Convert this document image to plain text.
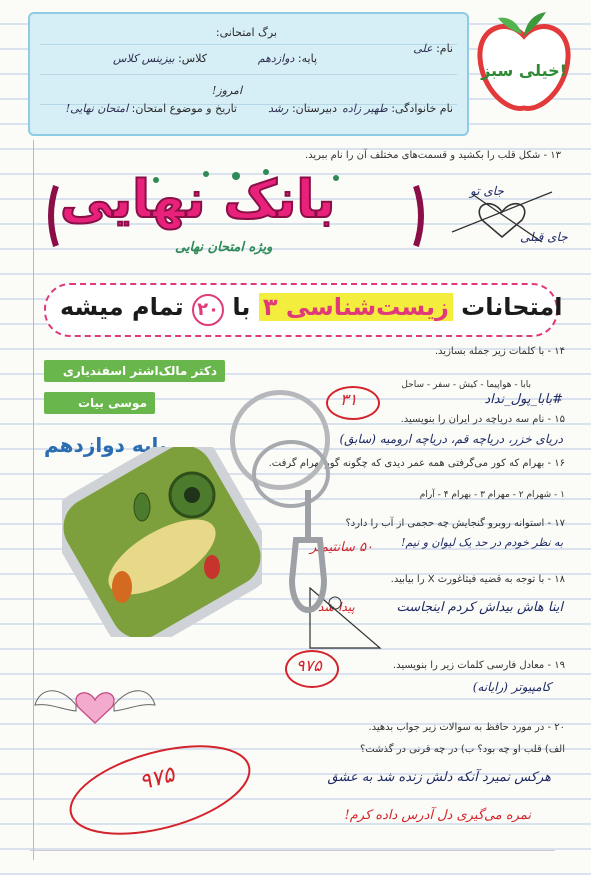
برگ امتحانی:
نام: علی
پایه: دوازدهم
کلاس: بیزینس کلاس
نام خانوادگی: طهیر زاده
دبیرستان: رشد
تاریخ و موضوع امتحان: امتحان نهایی!
امروز!
خیلی سبز!
۱۳ - شکل قلب را بکشید و قسمت‌های مختلف آن را نام ببرید.
جای تو
جای قبلی
بانک نهایی
ویژه امتحان نهایی
امتحانات زیست‌شناسی ۳ با ۲۰ تمام میشه
دکتر مالک‌اشتر اسفندیاری
موسی بیات
پایه دوازدهم
۱۴ - با کلمات زیر جمله بسازید.
بابا - هواپیما - کیش - سفر - ساحل
#بابا_پول_نداد
۱۵ - نام سه دریاچه در ایران را بنویسید.
دریای خزر، دریاچه قم، دریاچه ارومیه (سابق)
۱۶ - بهرام که کور می‌گرفتی همه عمر دیدی که چگونه گور بهرام گرفت.
۱ - شهرام ۲ - مهرام ۳ - بهرام ۴ - آرام
۱۷ - استوانه روبرو گنجایش چه حجمی از آب را دارد؟
به نظر خودم در حد یک لیوان و نیم!
۵۰ سانتیمتر
۱۸ - با توجه به قضیه فیثاغورث X را بیابید.
اینا هاش بیداش کردم اینجاست
پیدا شد
۱۹ - معادل فارسی کلمات زیر را بنویسید.
کامپیوتر (رایانه)
۲۰ - در مورد حافظ به سوالات زیر جواب بدهید.
الف) قلب او چه بود؟ ب) در چه قرنی در گذشت؟
هرکس نمیرد آنکه دلش زنده شد به عشق
نمره می‌گیری دل آدرس داده کرم!
۹۷۵
۳۱
۹۷۵
